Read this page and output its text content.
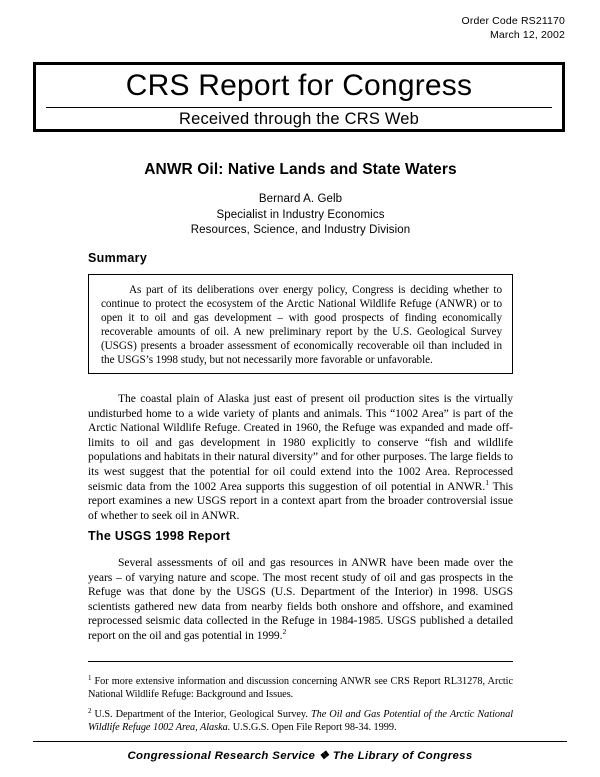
Order Code RS21170
March 12, 2002
CRS Report for Congress
Received through the CRS Web
ANWR Oil: Native Lands and State Waters
Bernard A. Gelb
Specialist in Industry Economics
Resources, Science, and Industry Division
Summary
As part of its deliberations over energy policy, Congress is deciding whether to continue to protect the ecosystem of the Arctic National Wildlife Refuge (ANWR) or to open it to oil and gas development – with good prospects of finding economically recoverable amounts of oil. A new preliminary report by the U.S. Geological Survey (USGS) presents a broader assessment of economically recoverable oil than included in the USGS’s 1998 study, but not necessarily more favorable or unfavorable.
The coastal plain of Alaska just east of present oil production sites is the virtually undisturbed home to a wide variety of plants and animals. This “1002 Area” is part of the Arctic National Wildlife Refuge. Created in 1960, the Refuge was expanded and made off-limits to oil and gas development in 1980 explicitly to conserve “fish and wildlife populations and habitats in their natural diversity” and for other purposes. The large fields to its west suggest that the potential for oil could extend into the 1002 Area. Reprocessed seismic data from the 1002 Area supports this suggestion of oil potential in ANWR.$^1$ This report examines a new USGS report in a context apart from the broader controversial issue of whether to seek oil in ANWR.
The USGS 1998 Report
Several assessments of oil and gas resources in ANWR have been made over the years – of varying nature and scope. The most recent study of oil and gas prospects in the Refuge was that done by the USGS (U.S. Department of the Interior) in 1998. USGS scientists gathered new data from nearby fields both onshore and offshore, and examined reprocessed seismic data collected in the Refuge in 1984-1985. USGS published a detailed report on the oil and gas potential in 1999.$^2$
$^1$ For more extensive information and discussion concerning ANWR see CRS Report RL31278, Arctic National Wildlife Refuge: Background and Issues.
$^2$ U.S. Department of the Interior, Geological Survey. The Oil and Gas Potential of the Arctic National Wildlife Refuge 1002 Area, Alaska. U.S.G.S. Open File Report 98-34. 1999.
Congressional Research Service ❖ The Library of Congress
